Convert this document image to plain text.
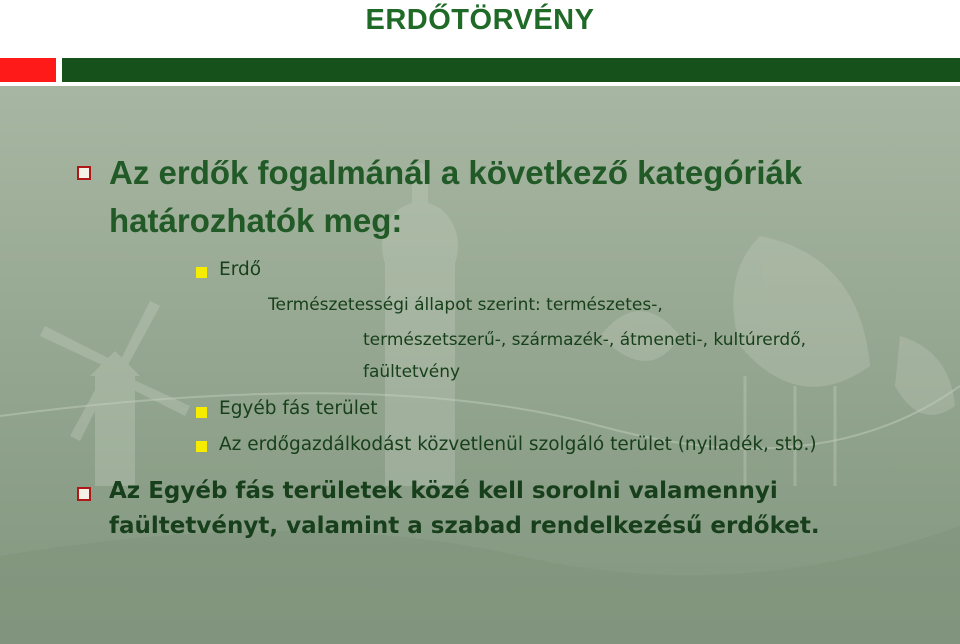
ERDŐTÖRVÉNY
Az erdők fogalmánál a következő kategóriák
határozhatók meg:
Erdő
Természetességi állapot szerint: természetes-,
természetszerű-, származék-, átmeneti-, kultúrerdő,
faültetvény
Egyéb fás terület
Az erdőgazdálkodást közvetlenül szolgáló terület (nyiladék, stb.)
Az Egyéb fás területek közé kell sorolni valamennyi
faültetvényt, valamint a szabad rendelkezésű erdőket.
